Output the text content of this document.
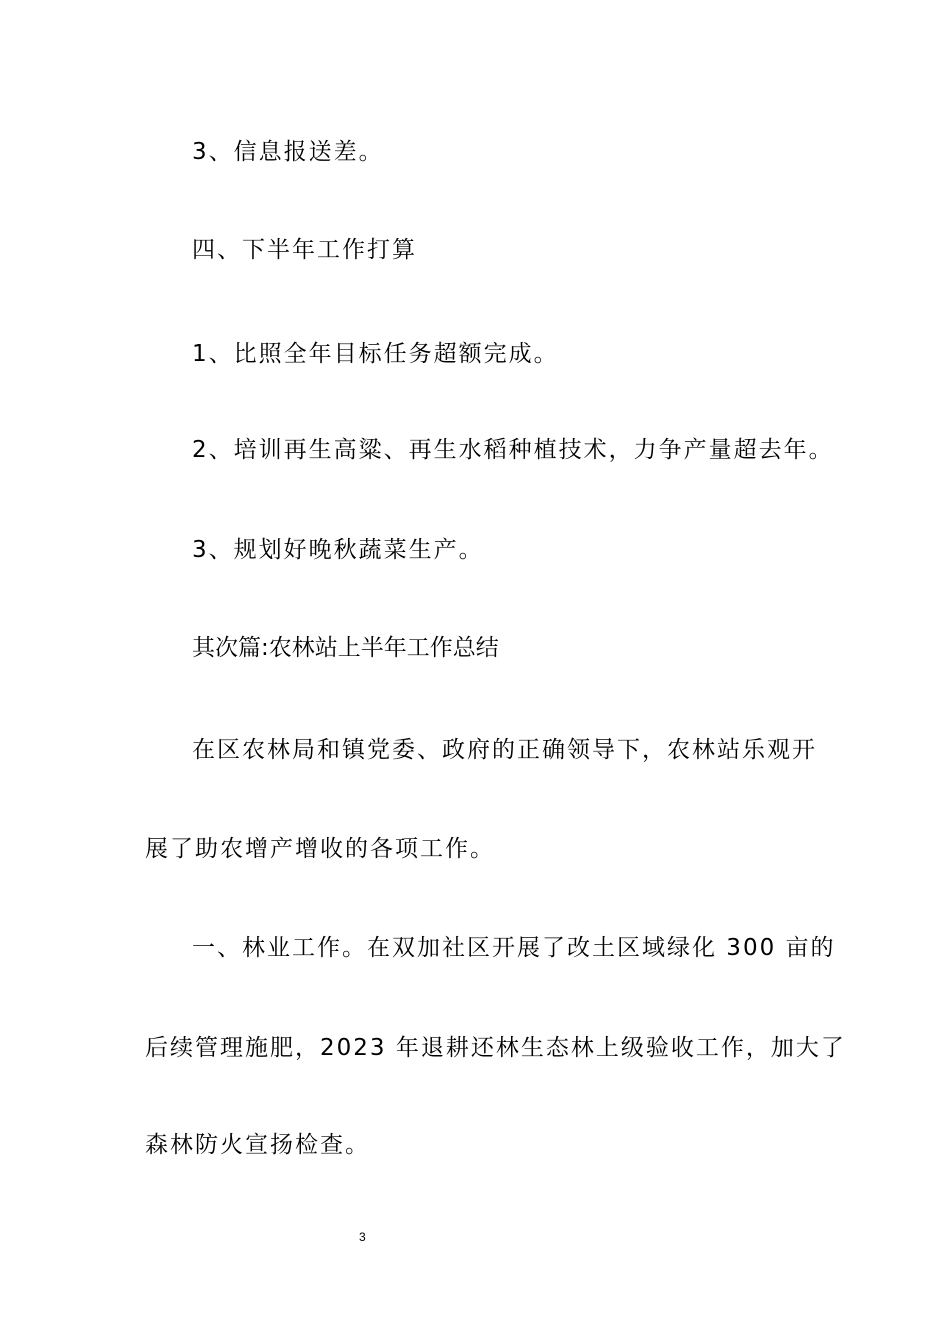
3、信息报送差。
四、下半年工作打算
1、比照全年目标任务超额完成。
2、培训再生高粱、再生水稻种植技术，力争产量超去年。
3、规划好晚秋蔬菜生产。
其次篇:农林站上半年工作总结
在区农林局和镇党委、政府的正确领导下，农林站乐观开
展了助农增产增收的各项工作。
一、林业工作。在双加社区开展了改土区域绿化 300 亩的
后续管理施肥，2023 年退耕还林生态林上级验收工作，加大了
森林防火宣扬检查。
3
